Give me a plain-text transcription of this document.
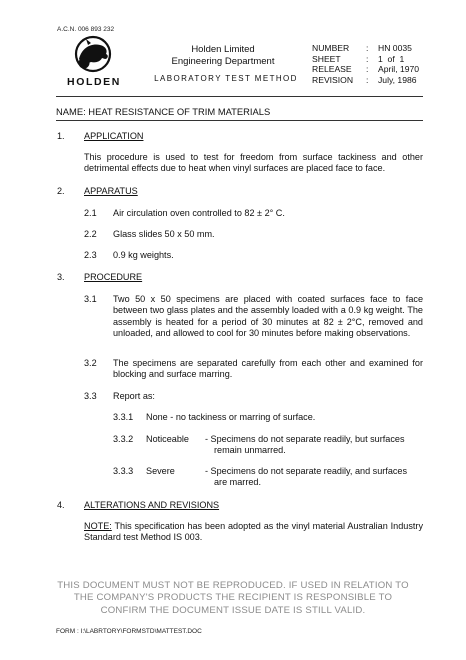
A.C.N. 006 893 232
HOLDEN
Holden Limited
Engineering Department
LABORATORY TEST METHOD
NUMBER	:	HN 0035
SHEET	:	1  of  1
RELEASE	:	April, 1970
REVISION	:	July, 1986
NAME: HEAT RESISTANCE OF TRIM MATERIALS
1. APPLICATION
This procedure is used to test for freedom from surface tackiness and other detrimental effects due to heat when vinyl surfaces are placed face to face.
2. APPARATUS
2.1 Air circulation oven controlled to 82 ± 2° C.
2.2 Glass slides 50 x 50 mm.
2.3 0.9 kg weights.
3. PROCEDURE
3.1 Two 50 x 50 specimens are placed with coated surfaces face to face between two glass plates and the assembly loaded with a 0.9 kg weight. The assembly is heated for a period of 30 minutes at 82 ± 2°C, removed and unloaded, and allowed to cool for 30 minutes before making observations.
3.2 The specimens are separated carefully from each other and examined for blocking and surface marring.
3.3 Report as:
3.3.1 None - no tackiness or marring of surface.
3.3.2 Noticeable - Specimens do not separate readily, but surfaces
remain unmarred.
3.3.3 Severe	- Specimens do not separate readily, and surfaces
are marred.
4. ALTERATIONS AND REVISIONS
NOTE: This specification has been adopted as the vinyl material Australian Industry Standard test Method IS 003.
THIS DOCUMENT MUST NOT BE REPRODUCED. IF USED IN RELATION TO
THE COMPANY'S PRODUCTS THE RECIPIENT IS RESPONSIBLE TO
CONFIRM THE DOCUMENT ISSUE DATE IS STILL VALID.
FORM : I:\LABRTORY\FORMSTD\MATTEST.DOC
